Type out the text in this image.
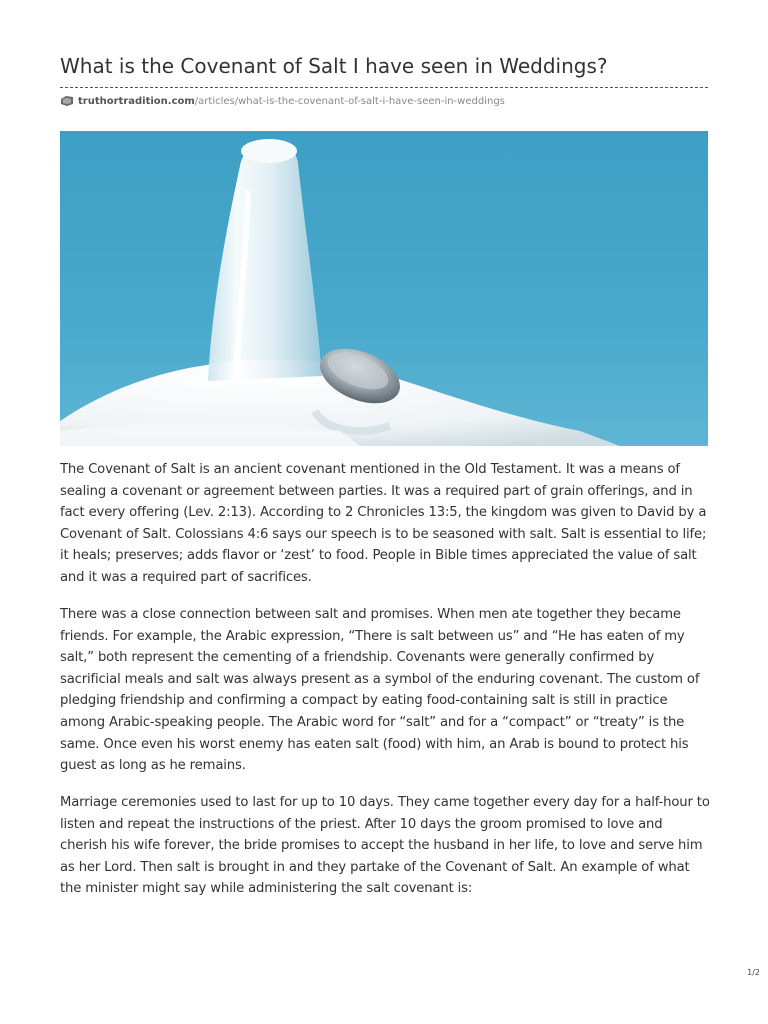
What is the Covenant of Salt I have seen in Weddings?
truthortradition.com /articles/what-is-the-covenant-of-salt-i-have-seen-in-weddings

The Covenant of Salt is an ancient covenant mentioned in the Old Testament. It was a means of sealing a covenant or agreement between parties. It was a required part of grain offerings, and in fact every offering (Lev. 2:13). According to 2 Chronicles 13:5, the kingdom was given to David by a Covenant of Salt. Colossians 4:6 says our speech is to be seasoned with salt. Salt is essential to life; it heals; preserves; adds flavor or ‘zest’ to food. People in Bible times appreciated the value of salt and it was a required part of sacrifices.

There was a close connection between salt and promises. When men ate together they became friends. For example, the Arabic expression, “There is salt between us” and “He has eaten of my salt,” both represent the cementing of a friendship. Covenants were generally confirmed by sacrificial meals and salt was always present as a symbol of the enduring covenant. The custom of pledging friendship and confirming a compact by eating food-containing salt is still in practice among Arabic-speaking people. The Arabic word for “salt” and for a “compact” or “treaty” is the same. Once even his worst enemy has eaten salt (food) with him, an Arab is bound to protect his guest as long as he remains.

Marriage ceremonies used to last for up to 10 days. They came together every day for a half-hour to listen and repeat the instructions of the priest. After 10 days the groom promised to love and cherish his wife forever, the bride promises to accept the husband in her life, to love and serve him as her Lord. Then salt is brought in and they partake of the Covenant of Salt. An example of what the minister might say while administering the salt covenant is:

1/2
